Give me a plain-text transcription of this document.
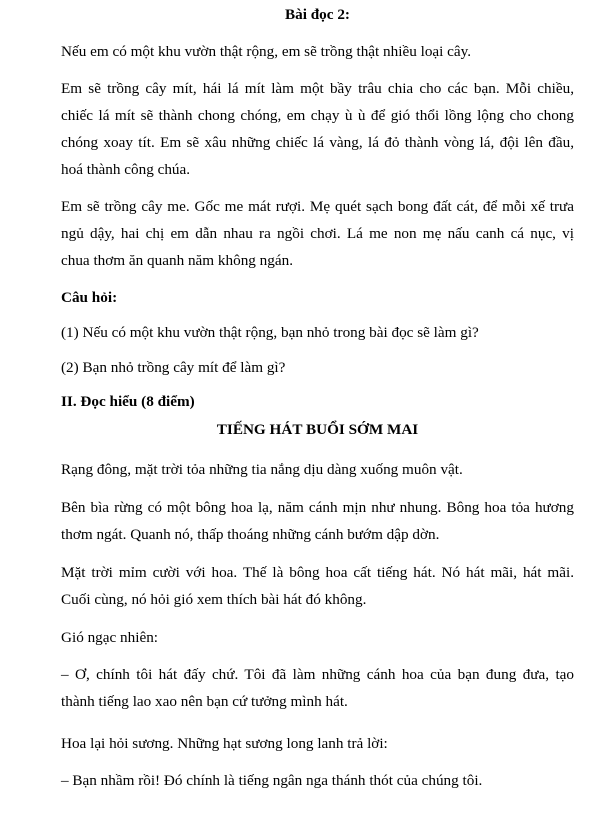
Bài đọc 2:
Nếu em có một khu vườn thật rộng, em sẽ trồng thật nhiều loại cây.
Em sẽ trồng cây mít, hái lá mít làm một bầy trâu chia cho các bạn. Mỗi chiều,
chiếc lá mít sẽ thành chong chóng, em chạy ù ù để gió thổi lồng lộng cho chong
chóng xoay tít. Em sẽ xâu những chiếc lá vàng, lá đỏ thành vòng lá, đội lên đầu,
hoá thành công chúa.
Em sẽ trồng cây me. Gốc me mát rượi. Mẹ quét sạch bong đất cát, để mỗi xế trưa
ngủ dậy, hai chị em dẫn nhau ra ngồi chơi. Lá me non mẹ nấu canh cá nục, vị
chua thơm ăn quanh năm không ngán.
Câu hỏi:
(1) Nếu có một khu vườn thật rộng, bạn nhỏ trong bài đọc sẽ làm gì?
(2) Bạn nhỏ trồng cây mít để làm gì?
II. Đọc hiểu (8 điểm)
TIẾNG HÁT BUỔI SỚM MAI
Rạng đông, mặt trời tỏa những tia nắng dịu dàng xuống muôn vật.
Bên bìa rừng có một bông hoa lạ, năm cánh mịn như nhung. Bông hoa tỏa hương
thơm ngát. Quanh nó, thấp thoáng những cánh bướm dập dờn.
Mặt trời mỉm cười với hoa. Thế là bông hoa cất tiếng hát. Nó hát mãi, hát mãi.
Cuối cùng, nó hỏi gió xem thích bài hát đó không.
Gió ngạc nhiên:
– Ơ, chính tôi hát đấy chứ. Tôi đã làm những cánh hoa của bạn đung đưa, tạo
thành tiếng lao xao nên bạn cứ tưởng mình hát.
Hoa lại hỏi sương. Những hạt sương long lanh trả lời:
– Bạn nhầm rồi! Đó chính là tiếng ngân nga thánh thót của chúng tôi.
